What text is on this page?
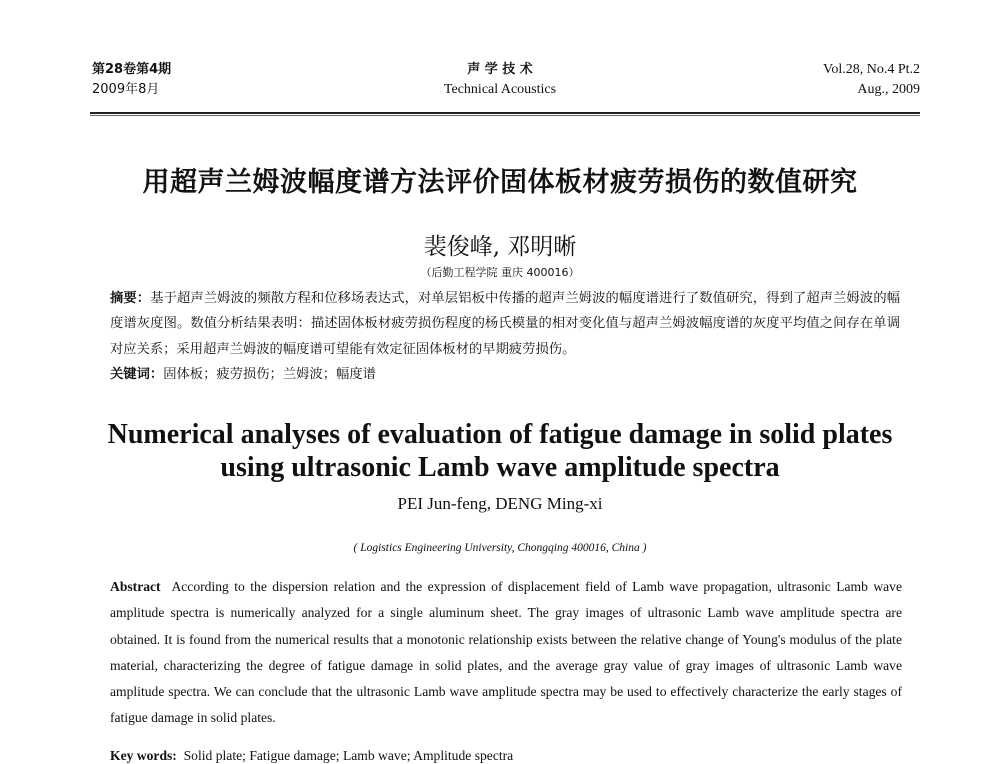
第28卷第4期
2009年8月
声 学 技 术
Technical Acoustics
Vol.28, No.4 Pt.2
Aug., 2009
用超声兰姆波幅度谱方法评价固体板材疲劳损伤的数值研究
裴俊峰, 邓明晰
（后勤工程学院 重庆 400016）
摘要：基于超声兰姆波的频散方程和位移场表达式，对单层铝板中传播的超声兰姆波的幅度谱进行了数值研究，得到了超声兰姆波的幅度谱灰度图。数值分析结果表明：描述固体板材疲劳损伤程度的杨氏模量的相对变化值与超声兰姆波幅度谱的灰度平均值之间存在单调对应关系；采用超声兰姆波的幅度谱可望能有效定征固体板材的早期疲劳损伤。
关键词：固体板；疲劳损伤；兰姆波；幅度谱
Numerical analyses of evaluation of fatigue damage in solid plates
using ultrasonic Lamb wave amplitude spectra
PEI Jun-feng, DENG Ming-xi
( Logistics Engineering University, Chongqing 400016, China )
Abstract According to the dispersion relation and the expression of displacement field of Lamb wave propagation, ultrasonic Lamb wave amplitude spectra is numerically analyzed for a single aluminum sheet. The gray images of ultrasonic Lamb wave amplitude spectra are obtained. It is found from the numerical results that a monotonic relationship exists between the relative change of Young's modulus of the plate material, characterizing the degree of fatigue damage in solid plates, and the average gray value of gray images of ultrasonic Lamb wave amplitude spectra. We can conclude that the ultrasonic Lamb wave amplitude spectra may be used to effectively characterize the early stages of fatigue damage in solid plates.
Key words: Solid plate; Fatigue damage; Lamb wave; Amplitude spectra
